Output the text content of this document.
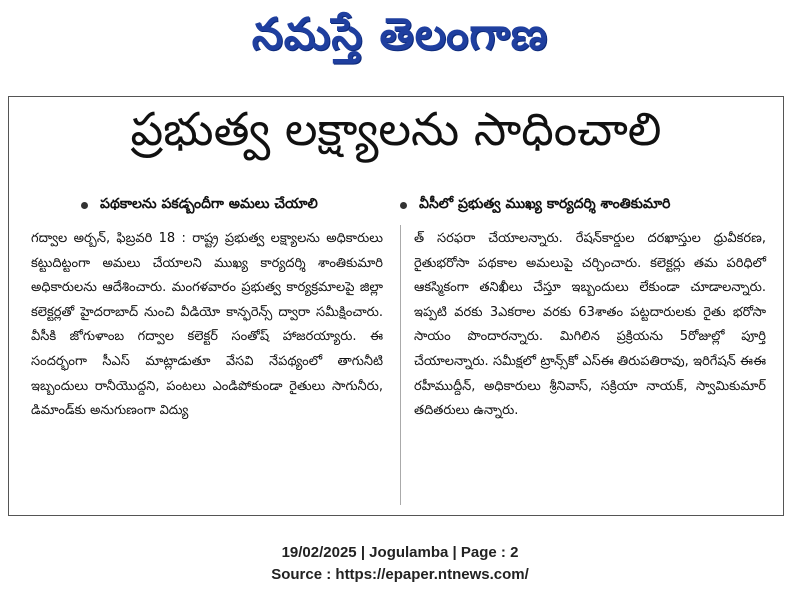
నమస్తే తెలంగాణ
ప్రభుత్వ లక్ష్యాలను సాధించాలి
పథకాలను పకడ్బందీగా అమలు చేయాలి	వీసీలో ప్రభుత్వ ముఖ్య కార్యదర్శి శాంతికుమారి

గద్వాల అర్బన్, ఫిబ్రవరి 18 : రాష్ట్ర ప్రభుత్వ లక్ష్యాలను అధికారులు కట్టుదిట్టంగా అమలు చేయాలని ముఖ్య కార్యదర్శి శాంతికుమారి అధికారులను ఆదేశించారు. మంగళవారం ప్రభుత్వ కార్యక్రమాలపై జిల్లా కలెక్టర్లతో హైదరాబాద్ నుంచి వీడియో కాన్ఫరెన్స్ ద్వారా సమీక్షించారు. వీసీకి జోగుళాంబ గద్వాల కలెక్టర్ సంతోష్ హాజరయ్యారు. ఈ సందర్భంగా సీఎస్ మాట్లాడుతూ వేసవి నేపథ్యంలో తాగునీటి ఇబ్బందులు రానీయొద్దని, పంటలు ఎండిపోకుండా రైతులు సాగునీరు, డిమాండ్‌కు అనుగుణంగా విద్యు

త్ సరఫరా చేయాలన్నారు. రేషన్‌కార్డుల దరఖాస్తుల ధ్రువీకరణ, రైతుభరోసా పథకాల అమలుపై చర్చించారు. కలెక్టర్లు తమ పరిధిలో ఆకస్మికంగా తనిఖీలు చేస్తూ ఇబ్బందులు లేకుండా చూడాలన్నారు. ఇప్పటి వరకు 3ఎకరాల వరకు 63శాతం పట్టదారులకు రైతు భరోసా సాయం పొందారన్నారు. మిగిలిన ప్రక్రియను 5రోజుల్లో పూర్తి చేయాలన్నారు. సమీక్షలో ట్రాన్స్‌కో ఎస్‌ఈ తిరుపతిరావు, ఇరిగేషన్ ఈఈ రహీముద్దీన్, అధికారులు శ్రీనివాస్, సక్రియా నాయక్, స్వామికుమార్ తదితరులు ఉన్నారు.

19/02/2025 | Jogulamba | Page : 2
Source : https://epaper.ntnews.com/
